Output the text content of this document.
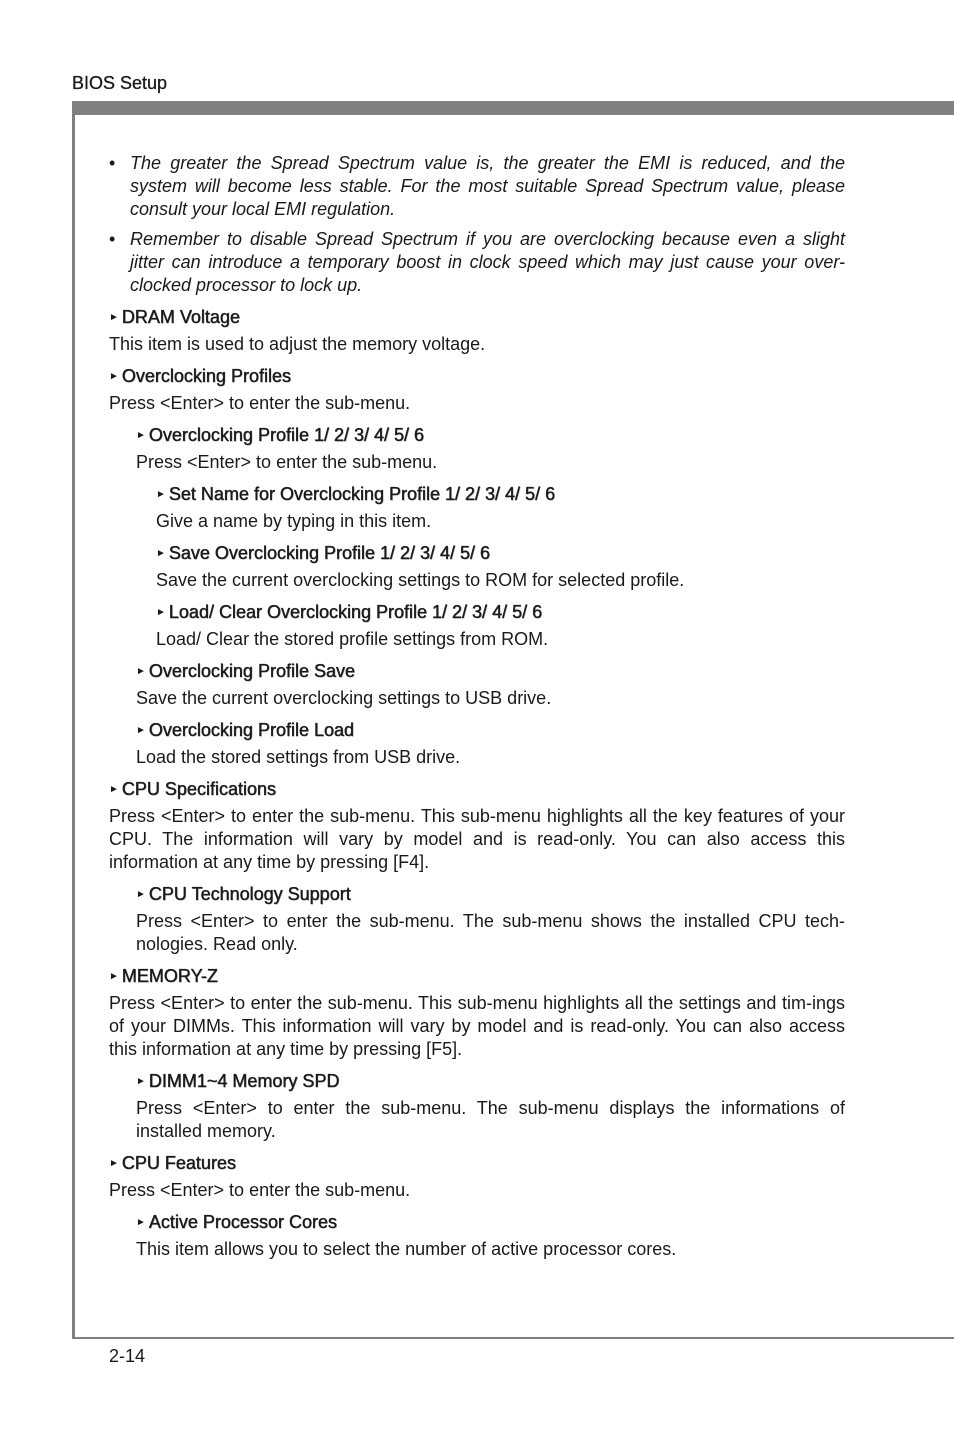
BIOS Setup
2-14
• The greater the Spread Spectrum value is, the greater the EMI is reduced, and the system will become less stable. For the most suitable Spread Spectrum value, please consult your local EMI regulation.
• Remember to disable Spread Spectrum if you are overclocking because even a slight jitter can introduce a temporary boost in clock speed which may just cause your over-clocked processor to lock up.
► DRAM Voltage
This item is used to adjust the memory voltage.
► Overclocking Profiles
Press <Enter> to enter the sub-menu.
► Overclocking Profile 1/ 2/ 3/ 4/ 5/ 6
Press <Enter> to enter the sub-menu.
► Set Name for Overclocking Profile 1/ 2/ 3/ 4/ 5/ 6
Give a name by typing in this item.
► Save Overclocking Profile 1/ 2/ 3/ 4/ 5/ 6
Save the current overclocking settings to ROM for selected profile.
► Load/ Clear Overclocking Profile 1/ 2/ 3/ 4/ 5/ 6
Load/ Clear the stored profile settings from ROM.
► Overclocking Profile Save
Save the current overclocking settings to USB drive.
► Overclocking Profile Load
Load the stored settings from USB drive.
► CPU Specifications
Press <Enter> to enter the sub-menu. This sub-menu highlights all the key features of your CPU. The information will vary by model and is read-only. You can also access this information at any time by pressing [F4].
► CPU Technology Support
Press <Enter> to enter the sub-menu. The sub-menu shows the installed CPU tech-nologies. Read only.
► MEMORY-Z
Press <Enter> to enter the sub-menu. This sub-menu highlights all the settings and tim-ings of your DIMMs. This information will vary by model and is read-only. You can also access this information at any time by pressing [F5].
► DIMM1~4 Memory SPD
Press <Enter> to enter the sub-menu. The sub-menu displays the informations of installed memory.
► CPU Features
Press <Enter> to enter the sub-menu.
► Active Processor Cores
This item allows you to select the number of active processor cores.
